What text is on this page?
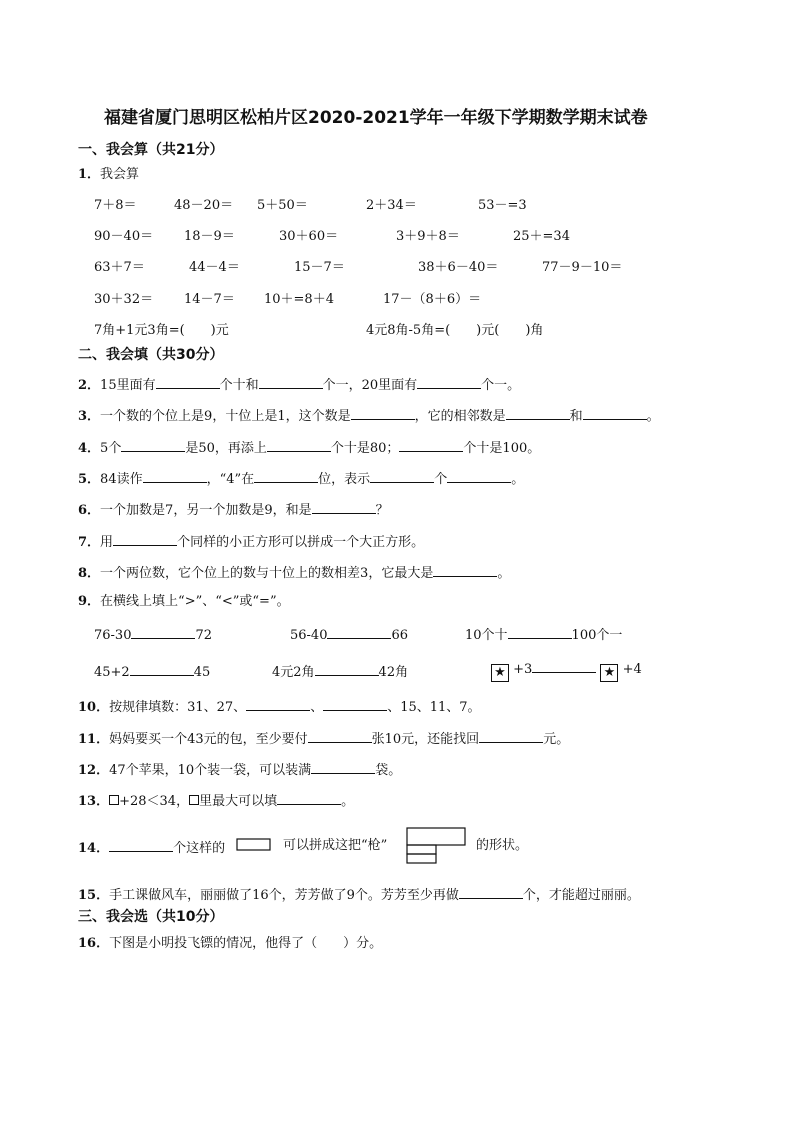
福建省厦门思明区松柏片区2020-2021学年一年级下学期数学期末试卷
一、我会算（共21分）
1．我会算
7＋8＝	48－20＝ 5＋50＝	2＋34＝	53－=3
90－40＝ 18－9＝	30＋60＝	3＋9＋8＝	25＋=34
63＋7＝	44－4＝	15－7＝	38＋6－40＝	77－9－10＝
30＋32＝ 14－7＝ 10＋=8＋4	17－（8＋6）＝
7角+1元3角=(　　)元	4元8角-5角=(　　)元(　　)角
二、我会填（共30分）
2．15里面有	个十和	个一，20里面有	个一。
3．一个数的个位上是9，十位上是1，这个数是	，它的相邻数是	和	。
4．5个	是50，再添上	个十是80；	个十是100。
5．84读作	，“4”在	位，表示	个	。
6．一个加数是7，另一个加数是9，和是	？
7．用	个同样的小正方形可以拼成一个大正方形。
8．一个两位数，它个位上的数与十位上的数相差3，它最大是	。
9．在横线上填上“>”、“<”或“=”。
76-30	72	56-40	66	10个十	100个一
45+2	45	4元2角	42角	★ +3	★ +4
10．按规律填数：31、27、	、	、15、11、7。
11．妈妈要买一个43元的包，至少要付	张10元，还能找回	元。
12．47个苹果，10个装一袋，可以装满	袋。
13． +28＜34， 里最大可以填	。
14．	个这样的	可以拼成这把“枪”	的形状。
15．手工课做风车，丽丽做了16个，芳芳做了9个。芳芳至少再做	个，才能超过丽丽。
三、我会选（共10分）
16．下图是小明投飞镖的情况，他得了（　　）分。
